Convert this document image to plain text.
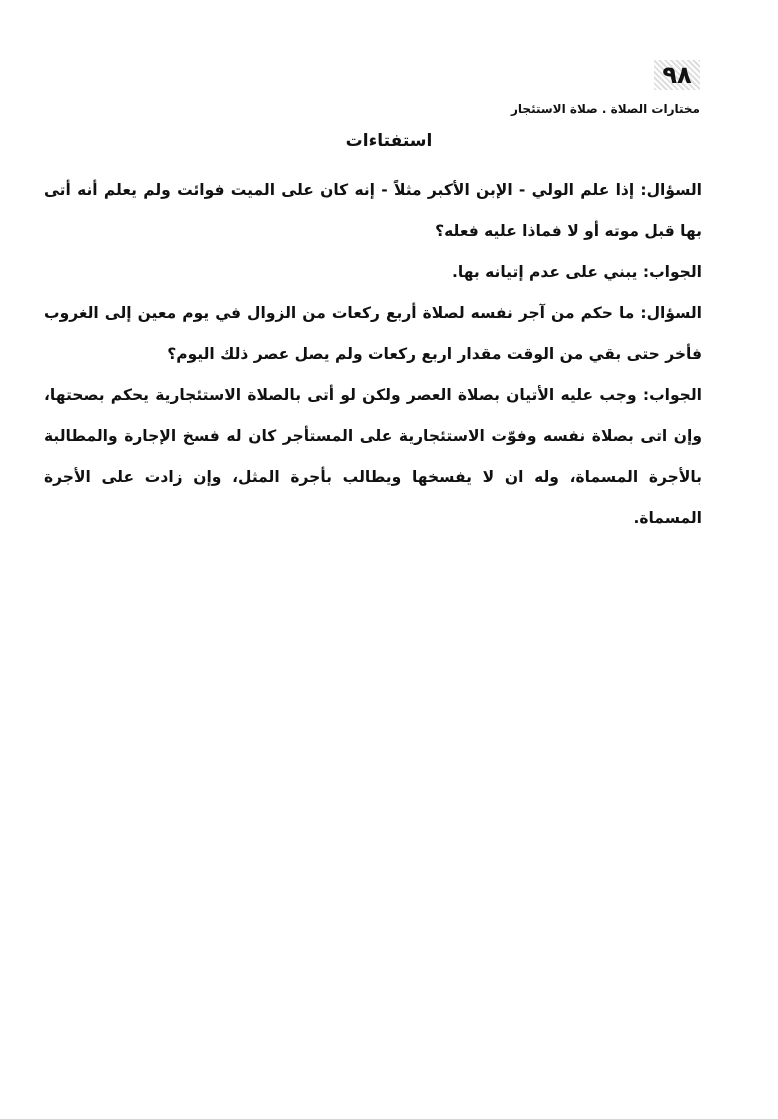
٩٨
مختارات الصلاة . صلاة الاستئجار
استفتاءات

السؤال: إذا علم الولي - الإبن الأكبر مثلاً - إنه كان على الميت فوائت ولم يعلم أنه أتى بها قبل موته أو لا فماذا عليه فعله؟

الجواب: يبني على عدم إتيانه بها.

السؤال: ما حكم من آجر نفسه لصلاة أربع ركعات من الزوال في يوم معين إلى الغروب فأخر حتى بقي من الوقت مقدار اربع ركعات ولم يصل عصر ذلك اليوم؟

الجواب: وجب عليه الأتيان بصلاة العصر ولكن لو أتى بالصلاة الاستئجارية يحكم بصحتها، وإن اتى بصلاة نفسه وفوّت الاستئجارية على المستأجر كان له فسخ الإجارة والمطالبة بالأجرة المسماة، وله ان لا يفسخها ويطالب بأجرة المثل، وإن زادت على الأجرة المسماة.
